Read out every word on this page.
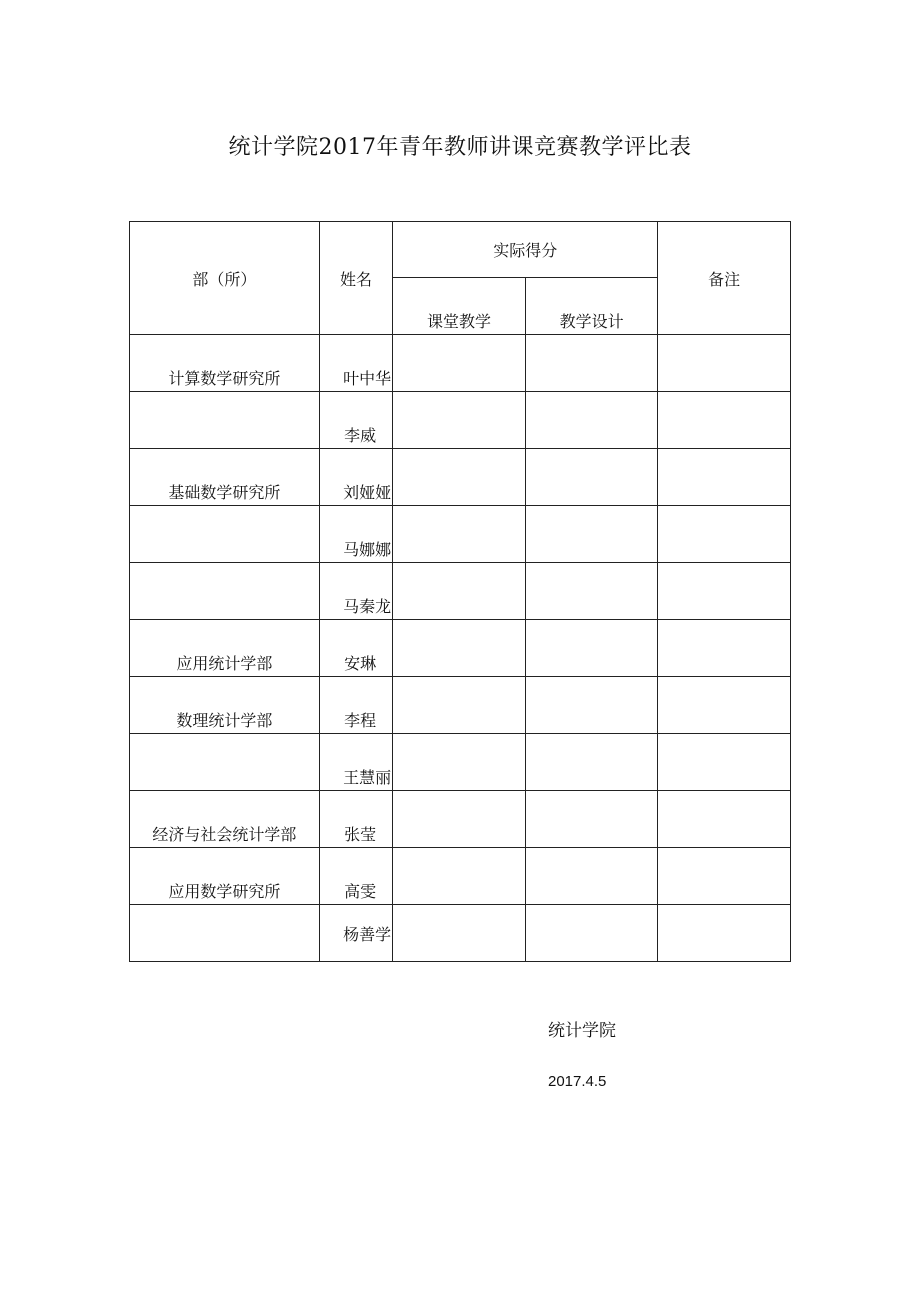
统计学院2017年青年教师讲课竞赛教学评比表
部（所）	姓名	实际得分		备注
		课堂教学	教学设计	
计算数学研究所	叶中华			
	李威			
基础数学研究所	刘娅娅			
	马娜娜			
	马秦龙			
应用统计学部	安琳			
数理统计学部	李程			
	王慧丽			
经济与社会统计学部	张莹			
应用数学研究所	高雯			
	杨善学			
统计学院
2017.4.5
